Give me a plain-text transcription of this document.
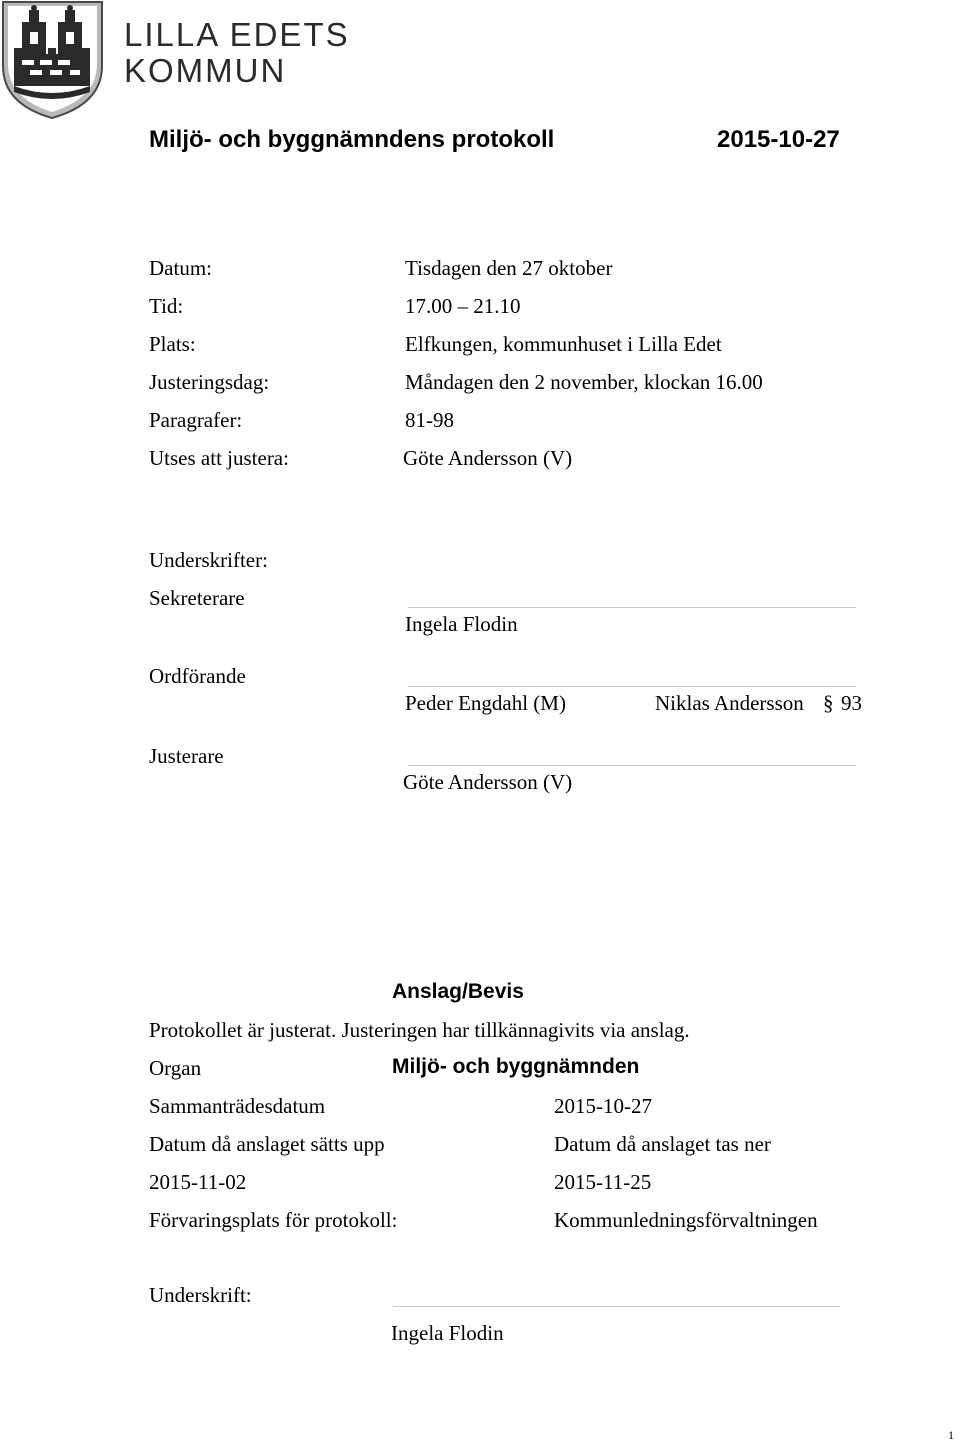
LILLA EDETS
KOMMUN
Miljö- och byggnämndens protokoll	2015-10-27
Datum:	Tisdagen den 27 oktober
Tid:	17.00 – 21.10
Plats:	Elfkungen, kommunhuset i Lilla Edet
Justeringsdag:	Måndagen den 2 november, klockan 16.00
Paragrafer:	81-98
Utses att justera:	Göte Andersson (V)
Underskrifter:
Sekreterare
Ingela Flodin
Ordförande
Peder Engdahl (M)	Niklas Andersson § 93
Justerare
Göte Andersson (V)
Anslag/Bevis
Protokollet är justerat. Justeringen har tillkännagivits via anslag.
Organ	Miljö- och byggnämnden
Sammanträdesdatum	2015-10-27
Datum då anslaget sätts upp	Datum då anslaget tas ner
2015-11-02	2015-11-25
Förvaringsplats för protokoll:	Kommunledningsförvaltningen
Underskrift:
Ingela Flodin
1
